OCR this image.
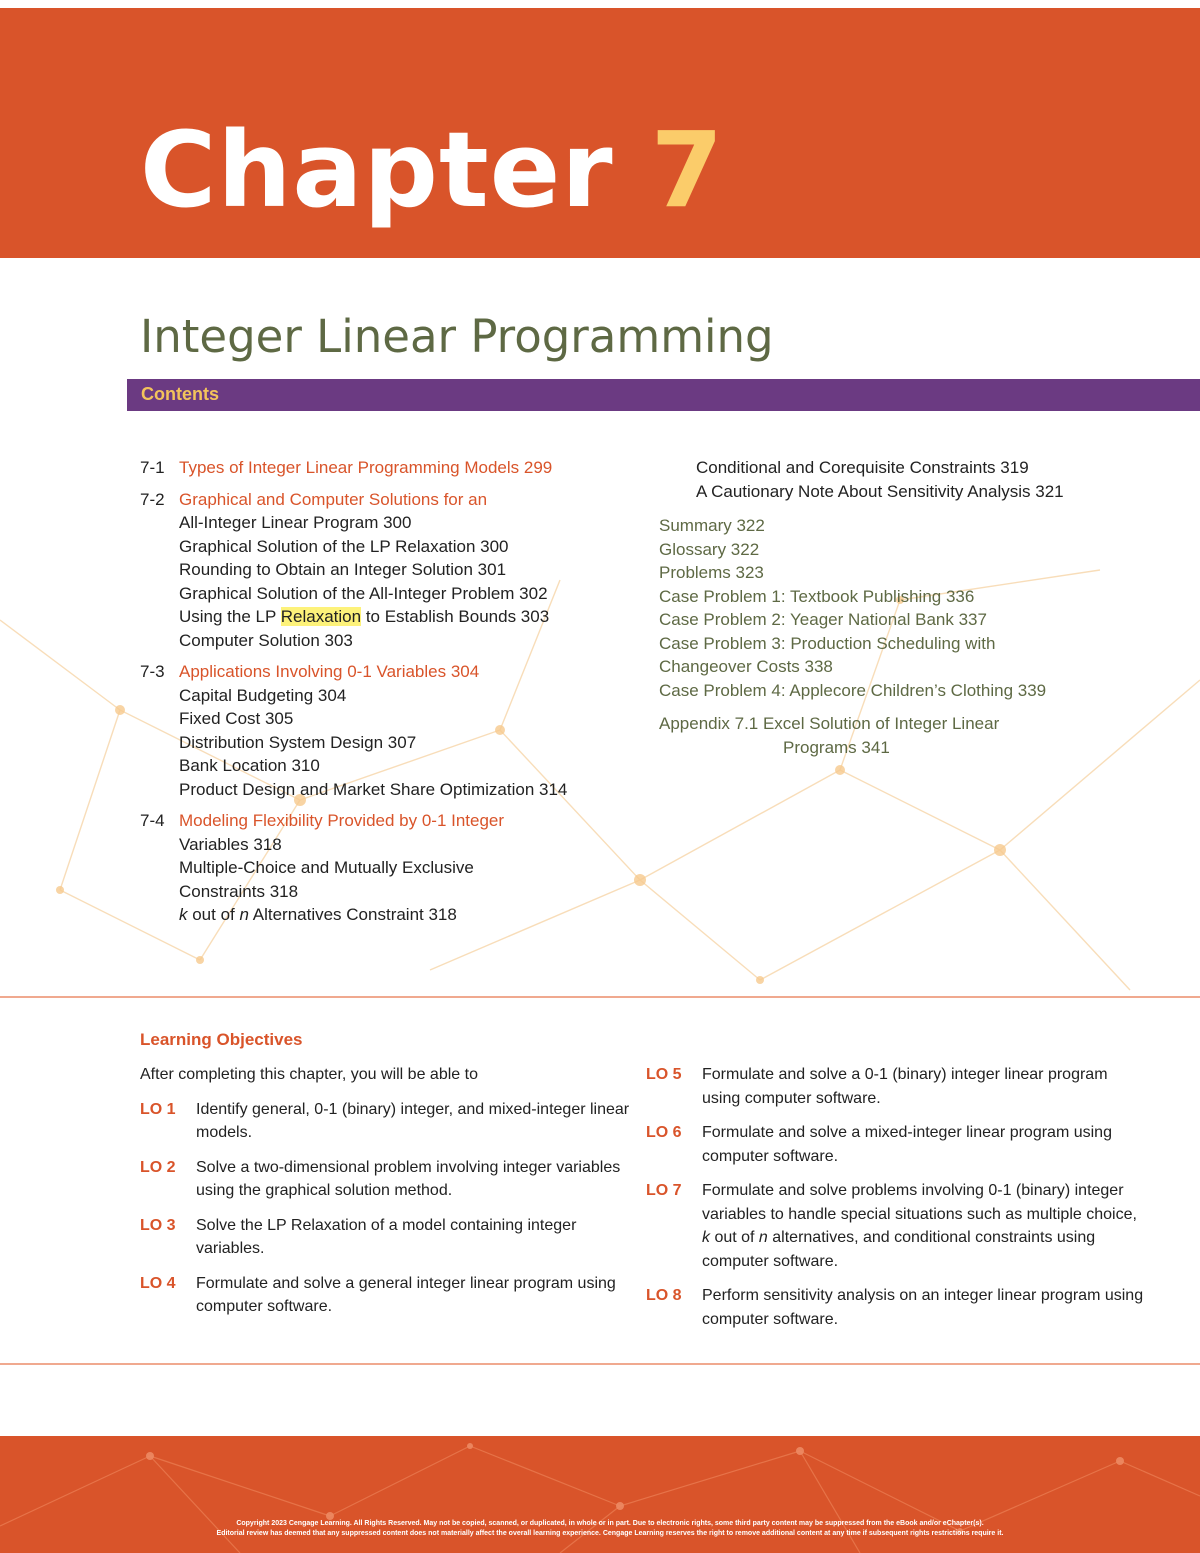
Chapter 7
Integer Linear Programming
Contents
7-1 Types of Integer Linear Programming Models 299
7-2 Graphical and Computer Solutions for an
All-Integer Linear Program 300
Graphical Solution of the LP Relaxation 300
Rounding to Obtain an Integer Solution 301
Graphical Solution of the All-Integer Problem 302
Using the LP Relaxation to Establish Bounds 303
Computer Solution 303
7-3 Applications Involving 0-1 Variables 304
Capital Budgeting 304
Fixed Cost 305
Distribution System Design 307
Bank Location 310
Product Design and Market Share Optimization 314
7-4 Modeling Flexibility Provided by 0-1 Integer
Variables 318
Multiple-Choice and Mutually Exclusive
Constraints 318
k out of n Alternatives Constraint 318
Conditional and Corequisite Constraints 319
A Cautionary Note About Sensitivity Analysis 321
Summary 322
Glossary 322
Problems 323
Case Problem 1: Textbook Publishing 336
Case Problem 2: Yeager National Bank 337
Case Problem 3: Production Scheduling with
Changeover Costs 338
Case Problem 4: Applecore Children’s Clothing 339
Appendix 7.1 Excel Solution of Integer Linear
Programs 341
Learning Objectives
After completing this chapter, you will be able to
LO 1	Identify general, 0-1 (binary) integer, and mixed-integer linear models.
LO 2	Solve a two-dimensional problem involving integer variables using the graphical solution method.
LO 3	Solve the LP Relaxation of a model containing integer variables.
LO 4	Formulate and solve a general integer linear program using computer software.
LO 5	Formulate and solve a 0-1 (binary) integer linear program using computer software.
LO 6	Formulate and solve a mixed-integer linear program using computer software.
LO 7	Formulate and solve problems involving 0-1 (binary) integer variables to handle special situations such as multiple choice, k out of n alternatives, and conditional constraints using computer software.
LO 8	Perform sensitivity analysis on an integer linear program using computer software.
Copyright 2023 Cengage Learning. All Rights Reserved. May not be copied, scanned, or duplicated, in whole or in part. Due to electronic rights, some third party content may be suppressed from the eBook and/or eChapter(s).
Editorial review has deemed that any suppressed content does not materially affect the overall learning experience. Cengage Learning reserves the right to remove additional content at any time if subsequent rights restrictions require it.
